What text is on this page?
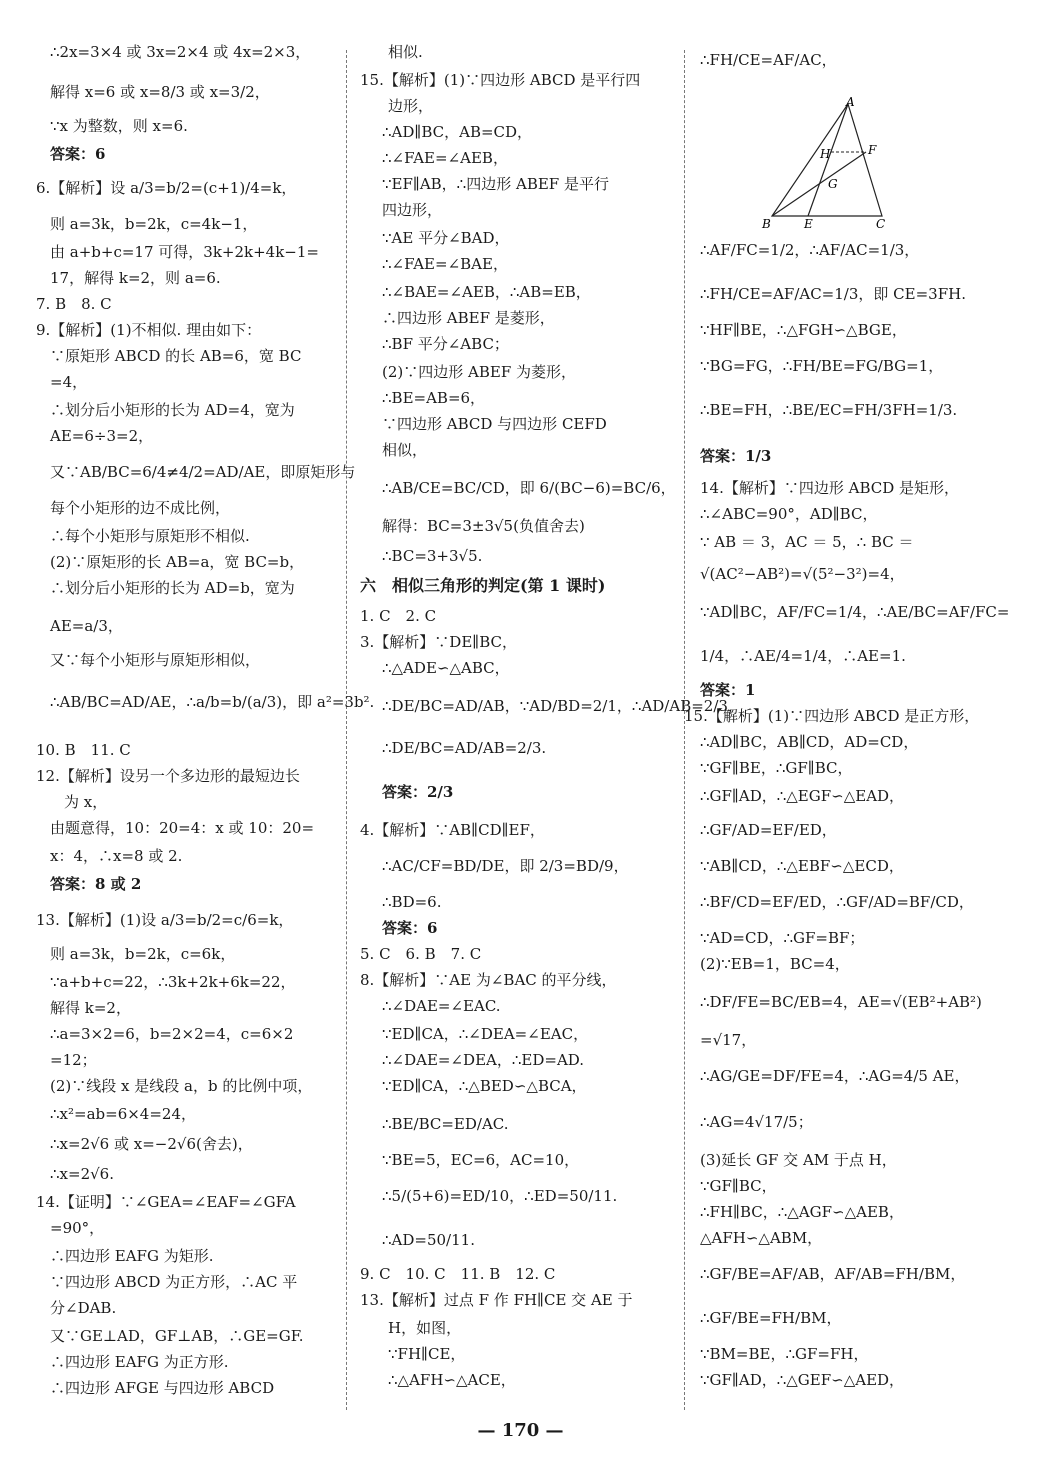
∴2x=3×4 或 3x=2×4 或 4x=2×3，
解得 x=6 或 x=8/3 或 x=3/2，
∵x 为整数，则 x=6.
答案：6
6.【解析】设 a/3=b/2=(c+1)/4=k，
则 a=3k，b=2k，c=4k−1，
由 a+b+c=17 可得，3k+2k+4k−1=
17，解得 k=2，则 a=6.
7. B　8. C
9.【解析】(1)不相似. 理由如下：
∵原矩形 ABCD 的长 AB=6，宽 BC
=4，
∴划分后小矩形的长为 AD=4，宽为
AE=6÷3=2，
又∵AB/BC=6/4≠4/2=AD/AE，即原矩形与
每个小矩形的边不成比例，
∴每个小矩形与原矩形不相似.
(2)∵原矩形的长 AB=a，宽 BC=b，
∴划分后小矩形的长为 AD=b，宽为
AE=a/3，
又∵每个小矩形与原矩形相似，
∴AB/BC=AD/AE，∴a/b=b/(a/3)，即 a²=3b².
10. B　11. C
12.【解析】设另一个多边形的最短边长
为 x，
由题意得，10：20=4：x 或 10：20=
x：4，∴x=8 或 2.
答案：8 或 2
13.【解析】(1)设 a/3=b/2=c/6=k，
则 a=3k，b=2k，c=6k，
∵a+b+c=22，∴3k+2k+6k=22，
解得 k=2，
∴a=3×2=6，b=2×2=4，c=6×2
=12；
(2)∵线段 x 是线段 a，b 的比例中项，
∴x²=ab=6×4=24，
∴x=2√6 或 x=−2√6(舍去)，
∴x=2√6.
14.【证明】∵∠GEA=∠EAF=∠GFA
=90°，
∴四边形 EAFG 为矩形.
∵四边形 ABCD 为正方形，∴AC 平
分∠DAB.
又∵GE⊥AD，GF⊥AB，∴GE=GF.
∴四边形 EAFG 为正方形.
∴四边形 AFGE 与四边形 ABCD
相似.
15.【解析】(1)∵四边形 ABCD 是平行四
边形，
∴AD∥BC，AB=CD，
∴∠FAE=∠AEB，
∵EF∥AB，∴四边形 ABEF 是平行
四边形，
∵AE 平分∠BAD，
∴∠FAE=∠BAE，
∴∠BAE=∠AEB，∴AB=EB，
∴四边形 ABEF 是菱形，
∴BF 平分∠ABC；
(2)∵四边形 ABEF 为菱形，
∴BE=AB=6，
∵四边形 ABCD 与四边形 CEFD
相似，
∴AB/CE=BC/CD，即 6/(BC−6)=BC/6，
解得：BC=3±3√5(负值舍去)
∴BC=3+3√5.
六　相似三角形的判定(第 1 课时)
1. C　2. C
3.【解析】∵DE∥BC，
∴△ADE∽△ABC，
∴DE/BC=AD/AB，∵AD/BD=2/1，∴AD/AB=2/3，
∴DE/BC=AD/AB=2/3.
答案：2/3
4.【解析】∵AB∥CD∥EF，
∴AC/CF=BD/DE，即 2/3=BD/9，
∴BD=6.
答案：6
5. C　6. B　7. C
8.【解析】∵AE 为∠BAC 的平分线，
∴∠DAE=∠EAC.
∵ED∥CA，∴∠DEA=∠EAC，
∴∠DAE=∠DEA，∴ED=AD.
∵ED∥CA，∴△BED∽△BCA，
∴BE/BC=ED/AC.
∵BE=5，EC=6，AC=10，
∴5/(5+6)=ED/10，∴ED=50/11.
∴AD=50/11.
9. C　10. C　11. B　12. C
13.【解析】过点 F 作 FH∥CE 交 AE 于
H，如图，
∵FH∥CE，
∴△AFH∽△ACE，
∴FH/CE=AF/AC，
∴AF/FC=1/2，∴AF/AC=1/3，
∴FH/CE=AF/AC=1/3，即 CE=3FH.
∵HF∥BE，∴△FGH∽△BGE，
∵BG=FG，∴FH/BE=FG/BG=1，
∴BE=FH，∴BE/EC=FH/3FH=1/3.
答案：1/3
14.【解析】∵四边形 ABCD 是矩形，
∴∠ABC=90°，AD∥BC，
∵ AB ＝ 3，AC ＝ 5，∴ BC ＝
√(AC²−AB²)=√(5²−3²)=4，
∵AD∥BC，AF/FC=1/4，∴AE/BC=AF/FC=
1/4，∴AE/4=1/4，∴AE=1.
答案：1
15.【解析】(1)∵四边形 ABCD 是正方形，
∴AD∥BC，AB∥CD，AD=CD，
∵GF∥BE，∴GF∥BC，
∴GF∥AD，∴△EGF∽△EAD，
∴GF/AD=EF/ED，
∵AB∥CD，∴△EBF∽△ECD，
∴BF/CD=EF/ED，∴GF/AD=BF/CD，
∵AD=CD，∴GF=BF；
(2)∵EB=1，BC=4，
∴DF/FE=BC/EB=4，AE=√(EB²+AB²)
=√17，
∴AG/GE=DF/FE=4，∴AG=4/5 AE，
∴AG=4√17/5；
(3)延长 GF 交 AM 于点 H，
∵GF∥BC，
∴FH∥BC，∴△AGF∽△AEB，
△AFH∽△ABM，
∴GF/BE=AF/AB，AF/AB=FH/BM，
∴GF/BE=FH/BM，
∵BM=BE，∴GF=FH，
∵GF∥AD，∴△GEF∽△AED，
A
B	C
E
F
G
H
— 170 —
